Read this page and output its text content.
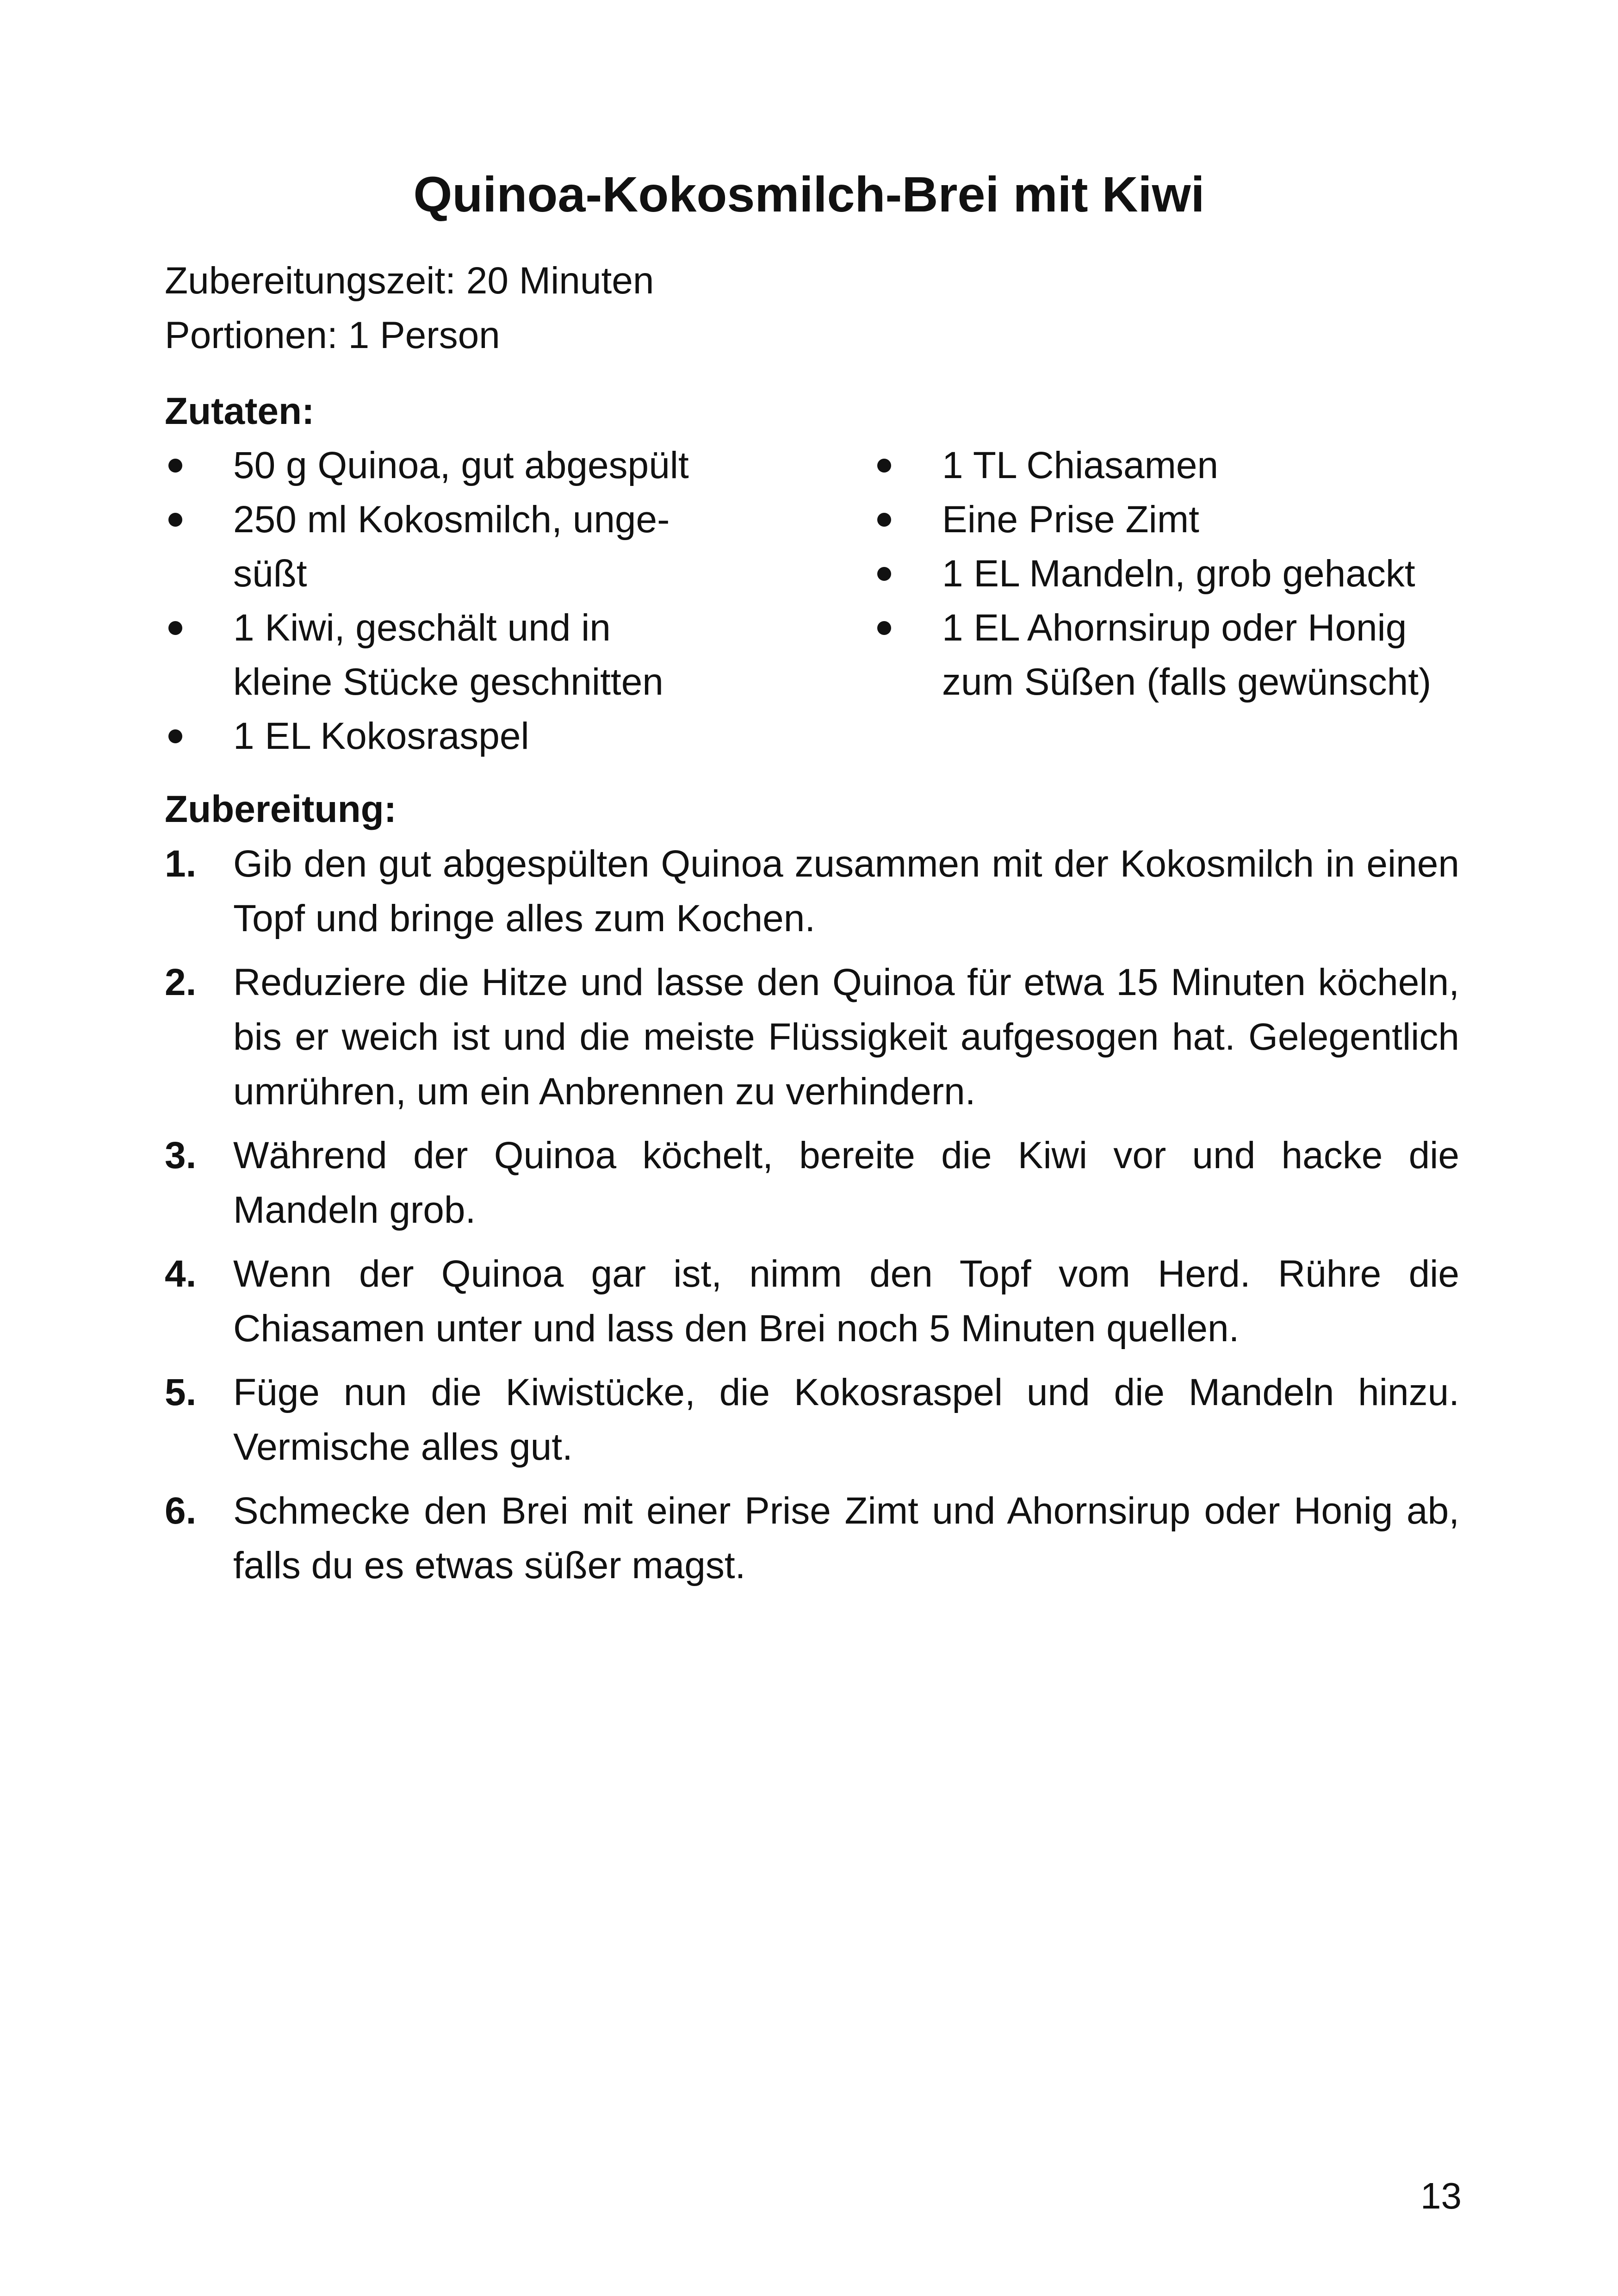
Quinoa-Kokosmilch-Brei mit Kiwi
Zubereitungszeit: 20 Minuten
Portionen: 1 Person
Zutaten:
50 g Quinoa, gut abgespült
250 ml Kokosmilch, unge-
süßt
1 Kiwi, geschält und in
kleine Stücke geschnitten
1 EL Kokosraspel
1 TL Chiasamen
Eine Prise Zimt
1 EL Mandeln, grob gehackt
1 EL Ahornsirup oder Honig
zum Süßen (falls gewünscht)
Zubereitung:
1. Gib den gut abgespülten Quinoa zusammen mit der Kokosmilch in einen Topf und bringe alles zum Kochen.
2. Reduziere die Hitze und lasse den Quinoa für etwa 15 Minuten köcheln, bis er weich ist und die meiste Flüssigkeit aufgesogen hat. Gelegentlich umrühren, um ein Anbrennen zu verhindern.
3. Während der Quinoa köchelt, bereite die Kiwi vor und hacke die Mandeln grob.
4. Wenn der Quinoa gar ist, nimm den Topf vom Herd. Rühre die Chiasamen unter und lass den Brei noch 5 Minuten quellen.
5. Füge nun die Kiwistücke, die Kokosraspel und die Mandeln hinzu. Vermische alles gut.
6. Schmecke den Brei mit einer Prise Zimt und Ahornsirup oder Honig ab, falls du es etwas süßer magst.
13
